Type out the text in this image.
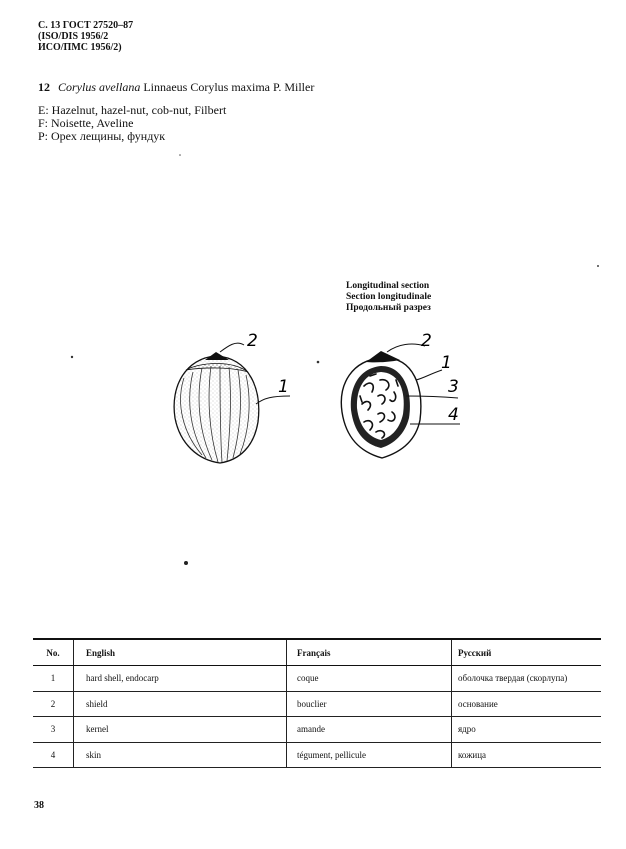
С. 13 ГОСТ 27520–87
(ISO/DIS 1956/2
ИСО/ПМС 1956/2)
12 Corylus avellana Linnaeus Corylus maxima P. Miller
E: Hazelnut, hazel-nut, cob-nut, Filbert
F: Noisette, Aveline
P: Орех лещины, фундук
Longitudinal section
Section longitudinale
Продольный разрез
2
1
2
1
3
4
No.	English	Français	Русский
1	hard shell, endocarp	coque	оболочка твердая (скорлупа)
2	shield	bouclier	основание
3	kernel	amande	ядро
4	skin	tégument, pellicule	кожица
38
